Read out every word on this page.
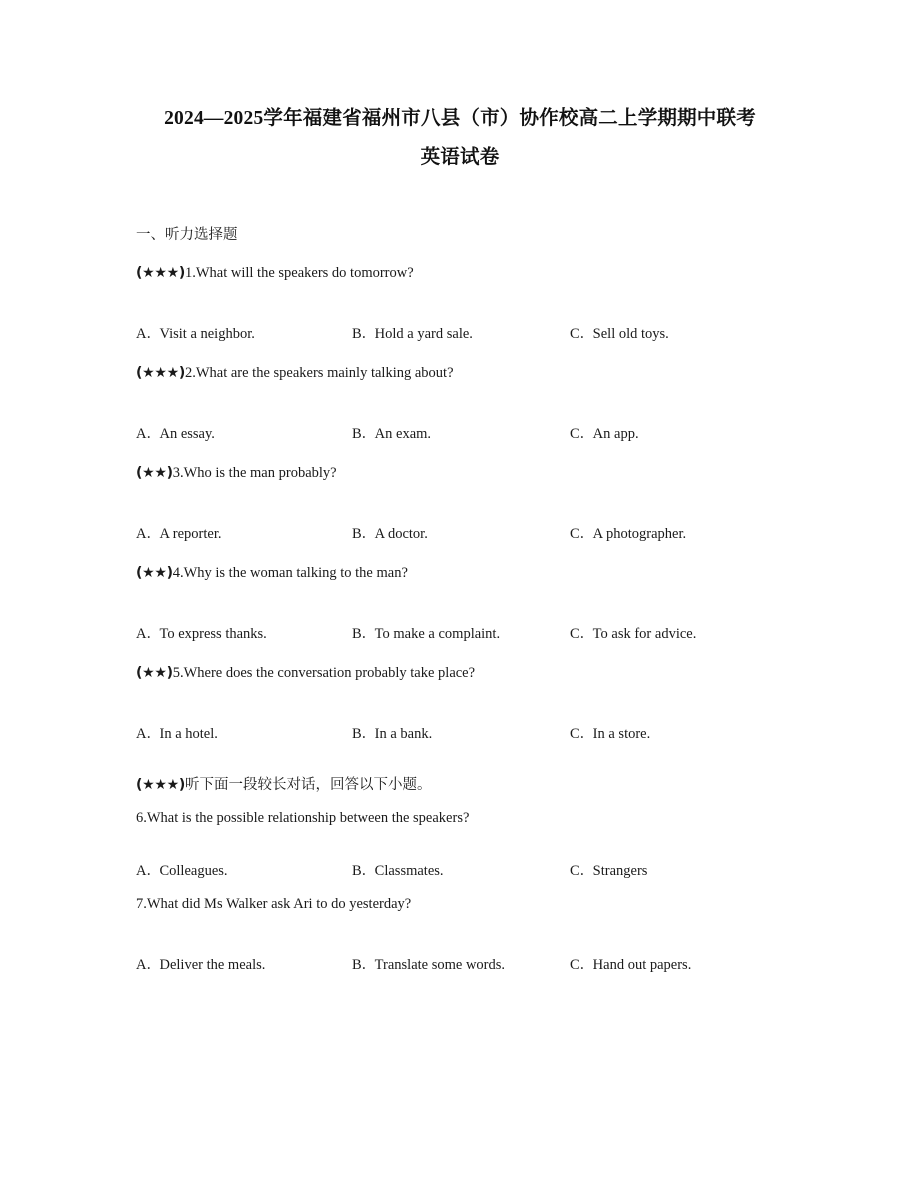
2024—2025学年福建省福州市八县（市）协作校高二上学期期中联考
英语试卷
一、听力选择题
(★★★)1.What will the speakers do tomorrow?
A．Visit a neighbor.	B．Hold a yard sale.	C．Sell old toys.
(★★★)2.What are the speakers mainly talking about?
A．An essay.	B．An exam.	C．An app.
(★★)3.Who is the man probably?
A．A reporter.	B．A doctor.	C．A photographer.
(★★)4.Why is the woman talking to the man?
A．To express thanks.	B．To make a complaint.	C．To ask for advice.
(★★)5.Where does the conversation probably take place?
A．In a hotel.	B．In a bank.	C．In a store.
(★★★)听下面一段较长对话，回答以下小题。
6.What is the possible relationship between the speakers?
A．Colleagues.	B．Classmates.	C．Strangers
7.What did Ms Walker ask Ari to do yesterday?
A．Deliver the meals.	B．Translate some words.	C．Hand out papers.
